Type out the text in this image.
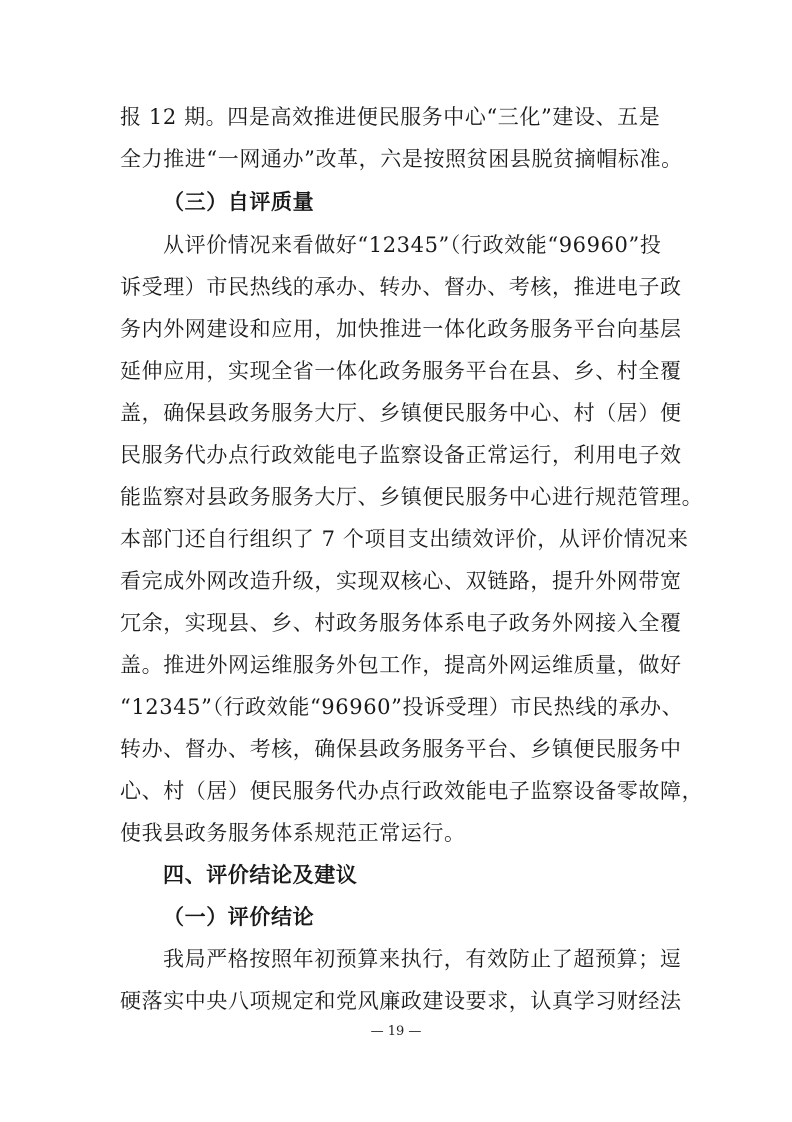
报 12 期。四是高效推进便民服务中心“三化”建设、五是
全力推进“一网通办”改革，六是按照贫困县脱贫摘帽标准。
（三）自评质量
从评价情况来看做好“12345”（行政效能“96960”投
诉受理）市民热线的承办、转办、督办、考核，推进电子政
务内外网建设和应用，加快推进一体化政务服务平台向基层
延伸应用，实现全省一体化政务服务平台在县、乡、村全覆
盖，确保县政务服务大厅、乡镇便民服务中心、村（居）便
民服务代办点行政效能电子监察设备正常运行，利用电子效
能监察对县政务服务大厅、乡镇便民服务中心进行规范管理。
本部门还自行组织了 7 个项目支出绩效评价，从评价情况来
看完成外网改造升级，实现双核心、双链路，提升外网带宽
冗余，实现县、乡、村政务服务体系电子政务外网接入全覆
盖。推进外网运维服务外包工作，提高外网运维质量，做好
“12345”（行政效能“96960”投诉受理）市民热线的承办、
转办、督办、考核，确保县政务服务平台、乡镇便民服务中
心、村（居）便民服务代办点行政效能电子监察设备零故障，
使我县政务服务体系规范正常运行。
四、评价结论及建议
（一）评价结论
我局严格按照年初预算来执行，有效防止了超预算；逗
硬落实中央八项规定和党风廉政建设要求，认真学习财经法
— 19 —
